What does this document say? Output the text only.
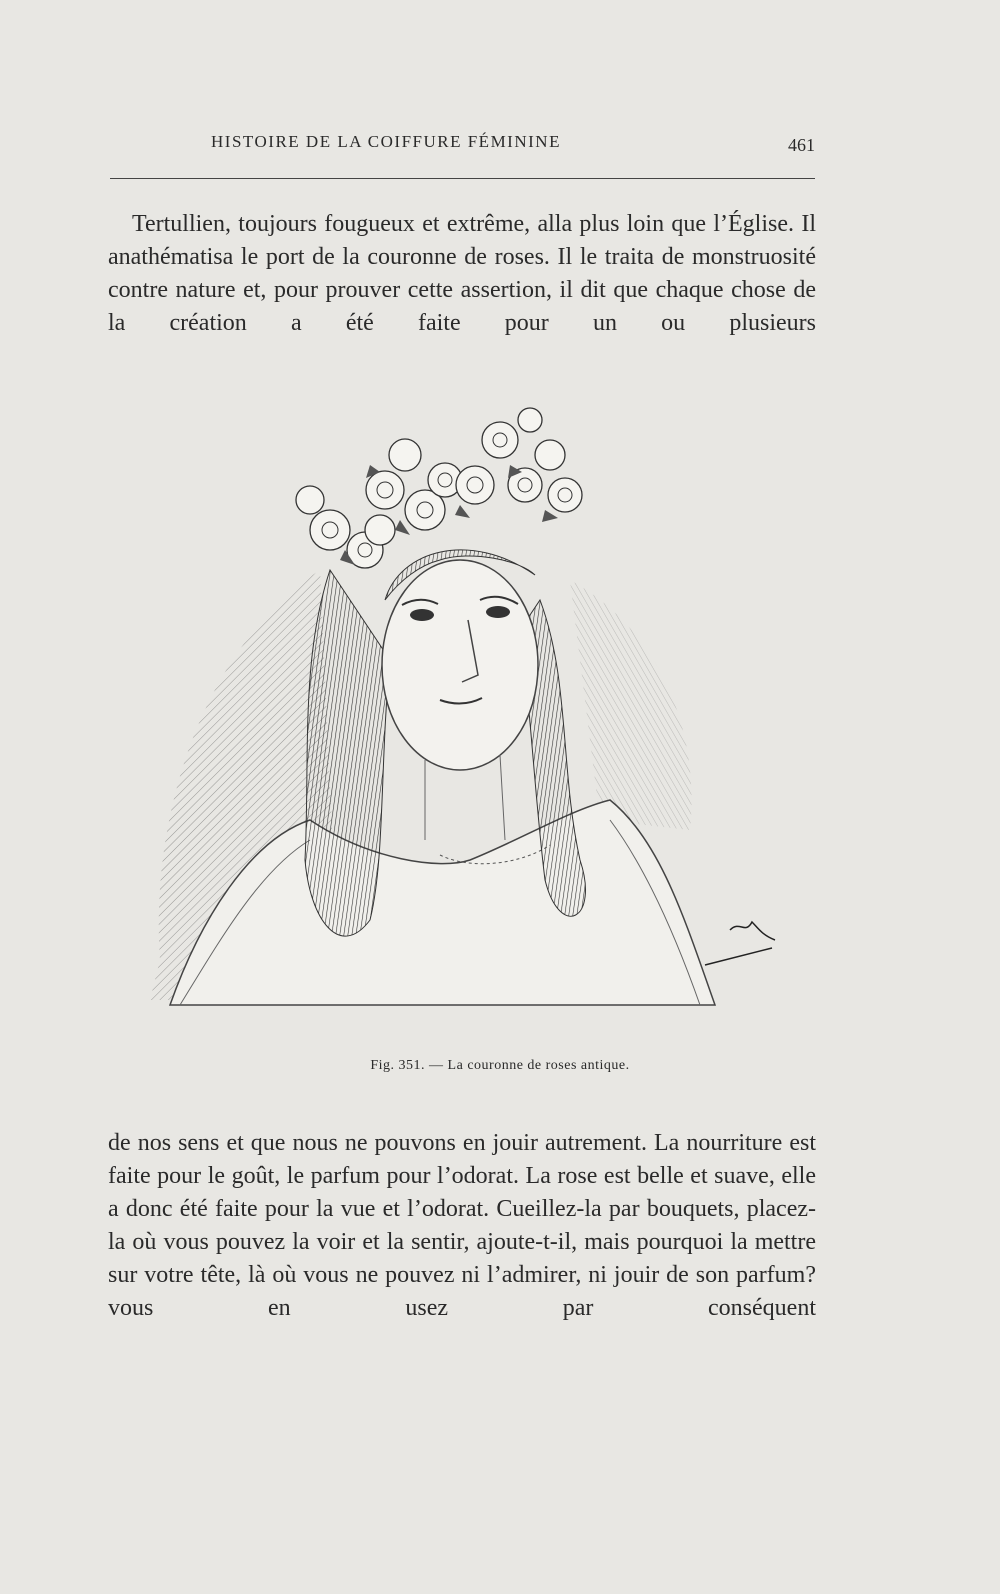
HISTOIRE DE LA COIFFURE FÉMININE	461

Tertullien, toujours fougueux et extrême, alla plus loin que l’Église. Il anathématisa le port de la couronne de roses. Il le traita de monstruosité contre nature et, pour prouver cette assertion, il dit que chaque chose de la création a été faite pour un ou plusieurs

Fig. 351. — La couronne de roses antique.

de nos sens et que nous ne pouvons en jouir autrement. La nourriture est faite pour le goût, le parfum pour l’odorat. La rose est belle et suave, elle a donc été faite pour la vue et l’odorat. Cueillez-la par bouquets, placez-la où vous pouvez la voir et la sentir, ajoute-t-il, mais pourquoi la mettre sur votre tête, là où vous ne pouvez ni l’admirer, ni jouir de son parfum? vous en usez par conséquent
